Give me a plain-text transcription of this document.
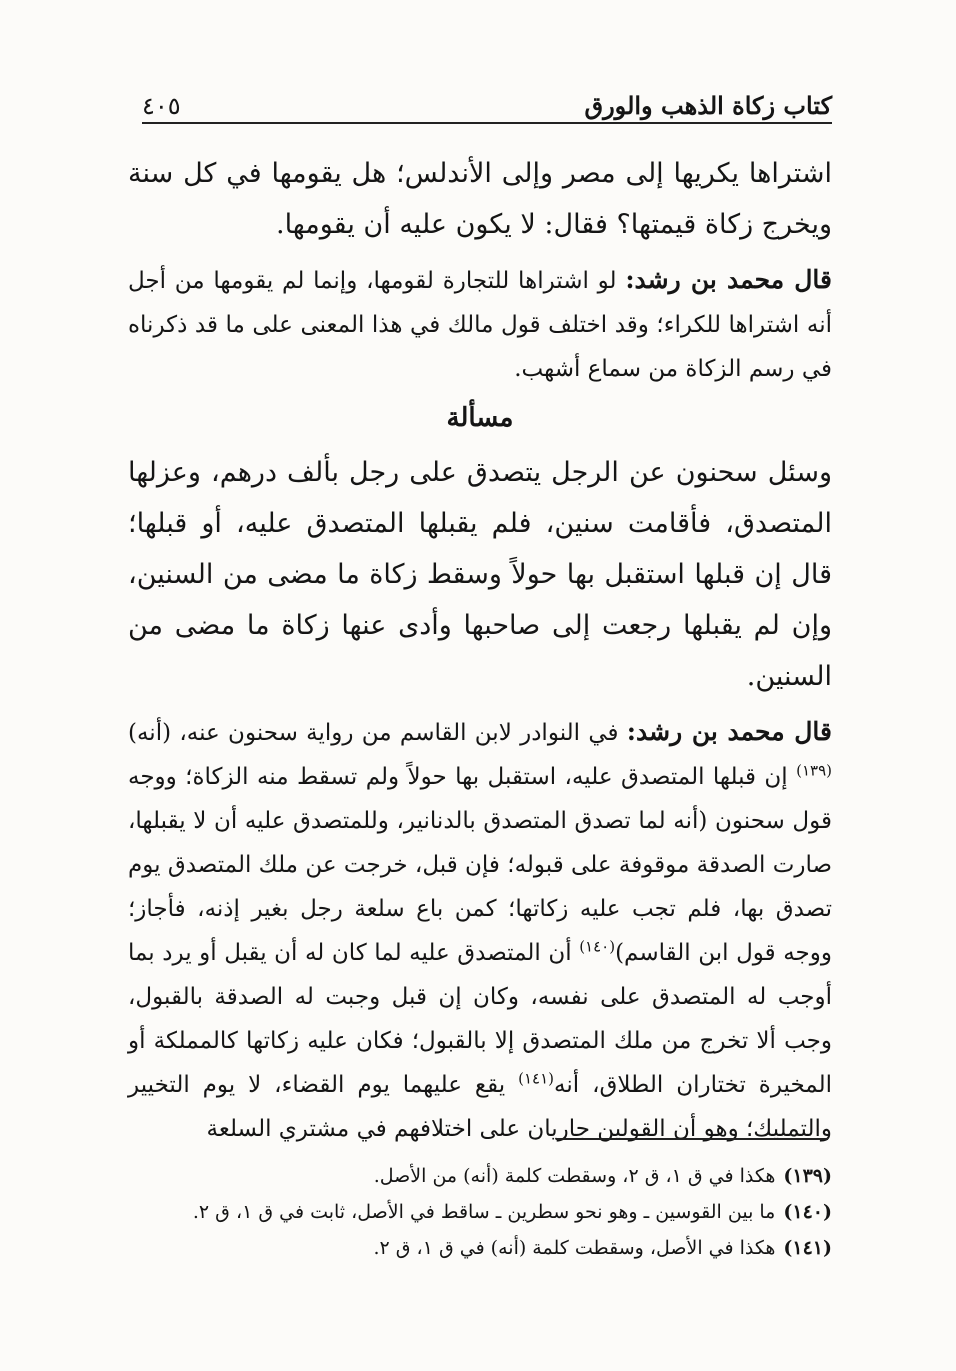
كتاب زكاة الذهب والورق
٤٠٥

اشتراها يكريها إلى مصر وإلى الأندلس؛ هل يقومها في كل سنة ويخرج زكاة قيمتها؟ فقال: لا يكون عليه أن يقومها.

قال محمد بن رشد: لو اشتراها للتجارة لقومها، وإنما لم يقومها من أجل أنه اشتراها للكراء؛ وقد اختلف قول مالك في هذا المعنى على ما قد ذكرناه في رسم الزكاة من سماع أشهب.

مسألة

وسئل سحنون عن الرجل يتصدق على رجل بألف درهم، وعزلها المتصدق، فأقامت سنين، فلم يقبلها المتصدق عليه، أو قبلها؛ قال إن قبلها استقبل بها حولاً وسقط زكاة ما مضى من السنين، وإن لم يقبلها رجعت إلى صاحبها وأدى عنها زكاة ما مضى من السنين.

قال محمد بن رشد: في النوادر لابن القاسم من رواية سحنون عنه، (أنه)$^{(١٣٩)}$ إن قبلها المتصدق عليه، استقبل بها حولاً ولم تسقط منه الزكاة؛ ووجه قول سحنون (أنه لما تصدق المتصدق بالدنانير، وللمتصدق عليه أن لا يقبلها، صارت الصدقة موقوفة على قبوله؛ فإن قبل، خرجت عن ملك المتصدق يوم تصدق بها، فلم تجب عليه زكاتها؛ كمن باع سلعة رجل بغير إذنه، فأجاز؛ ووجه قول ابن القاسم)$^{(١٤٠)}$ أن المتصدق عليه لما كان له أن يقبل أو يرد بما أوجب له المتصدق على نفسه، وكان إن قبل وجبت له الصدقة بالقبول، وجب ألا تخرج من ملك المتصدق إلا بالقبول؛ فكان عليه زكاتها كالمملكة أو المخيرة تختاران الطلاق، أنه$^{(١٤١)}$ يقع عليهما يوم القضاء، لا يوم التخيير والتمليك؛ وهو أن القولين جاريان على اختلافهم في مشتري السلعة

(١٣٩)هكذا في ق ١، ق ٢، وسقطت كلمة (أنه) من الأصل.

(١٤٠)ما بين القوسين ـ وهو نحو سطرين ـ ساقط في الأصل، ثابت في ق ١، ق ٢.

(١٤١)هكذا في الأصل، وسقطت كلمة (أنه) في ق ١، ق ٢.
